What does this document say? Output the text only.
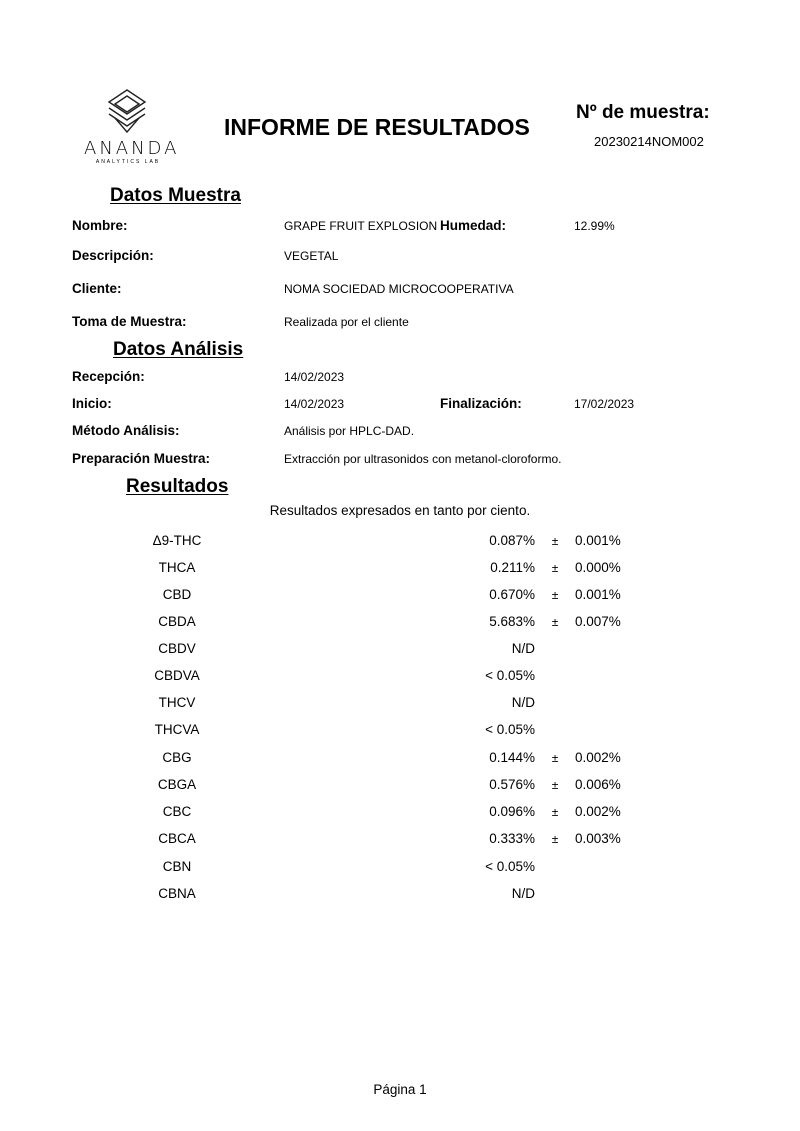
ANANDA
ANALYTICS LAB
INFORME DE RESULTADOS
Nº de muestra:
20230214NOM002
Datos Muestra
Nombre:	GRAPE FRUIT EXPLOSION Humedad:	12.99%
Descripción:	VEGETAL
Cliente:	NOMA SOCIEDAD MICROCOOPERATIVA
Toma de Muestra:	Realizada por el cliente
Datos Análisis
Recepción:	14/02/2023
Inicio:	14/02/2023	Finalización:	17/02/2023
Método Análisis:	Análisis por HPLC-DAD.
Preparación Muestra:	Extracción por ultrasonidos con metanol-cloroformo.
Resultados
Resultados expresados en tanto por ciento.
Δ9-THC	0.087%	± 0.001%
THCA	0.211%	± 0.000%
CBD	0.670%	± 0.001%
CBDA	5.683%	± 0.007%
CBDV	N/D
CBDVA	< 0.05%
THCV	N/D
THCVA	< 0.05%
CBG	0.144%	± 0.002%
CBGA	0.576%	± 0.006%
CBC	0.096%	± 0.002%
CBCA	0.333%	± 0.003%
CBN	< 0.05%
CBNA	N/D
Página 1
